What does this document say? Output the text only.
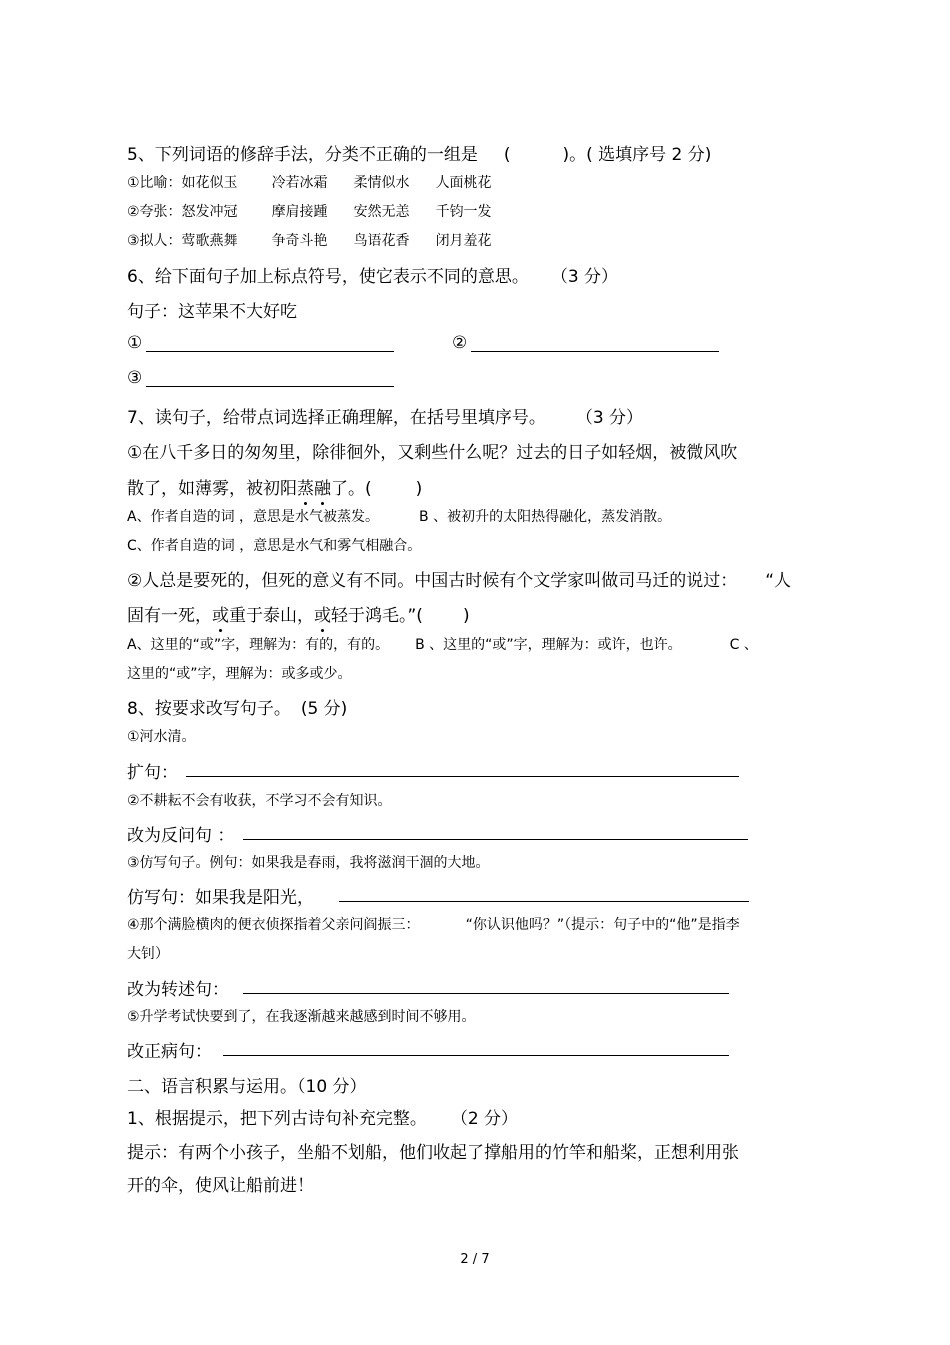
5、下列词语的修辞手法，分类不正确的一组是 (	)。( 选填序号 2 分)
①比喻：如花似玉 冷若冰霜 柔情似水 人面桃花
②夸张：怒发冲冠 摩肩接踵 安然无恙 千钧一发
③拟人：莺歌燕舞 争奇斗艳 鸟语花香 闭月羞花
6、给下面句子加上标点符号，使它表示不同的意思。 （3 分）
句子：这苹果不大好吃
①	②
③
7、读句子，给带点词选择正确理解，在括号里填序号。 （3 分）
①在八千多日的匆匆里，除徘徊外，又剩些什么呢？过去的日子如轻烟，被微风吹
散了，如薄雾，被初阳蒸融了。(	)
A、作者自造的词 ，意思是水气被蒸发。	B 、被初升的太阳热得融化，蒸发消散。
C、作者自造的词 ，意思是水气和雾气相融合。
②人总是要死的，但死的意义有不同。中国古时候有个文学家叫做司马迁的说过： “人
固有一死，或重于泰山，或轻于鸿毛。”( )
A、这里的“或”字，理解为：有的，有的。 B 、这里的“或”字，理解为：或许，也许。	C 、
这里的“或”字，理解为：或多或少。
8、按要求改写句子。 (5 分)
①河水清。
扩句：
②不耕耘不会有收获，不学习不会有知识。
改为反问句 ：
③仿写句子。例句：如果我是春雨，我将滋润干涸的大地。
仿写句：如果我是阳光，
④那个满脸横肉的便衣侦探指着父亲问阎振三：	“你认识他吗？”（提示：句子中的“他”是指李
大钊）
改为转述句：
⑤升学考试快要到了，在我逐渐越来越感到时间不够用。
改正病句：
二、语言积累与运用。（10 分）
1、根据提示，把下列古诗句补充完整。 （2 分）
提示：有两个小孩子，坐船不划船，他们收起了撑船用的竹竿和船桨，正想利用张
开的伞，使风让船前进！
2 / 7
